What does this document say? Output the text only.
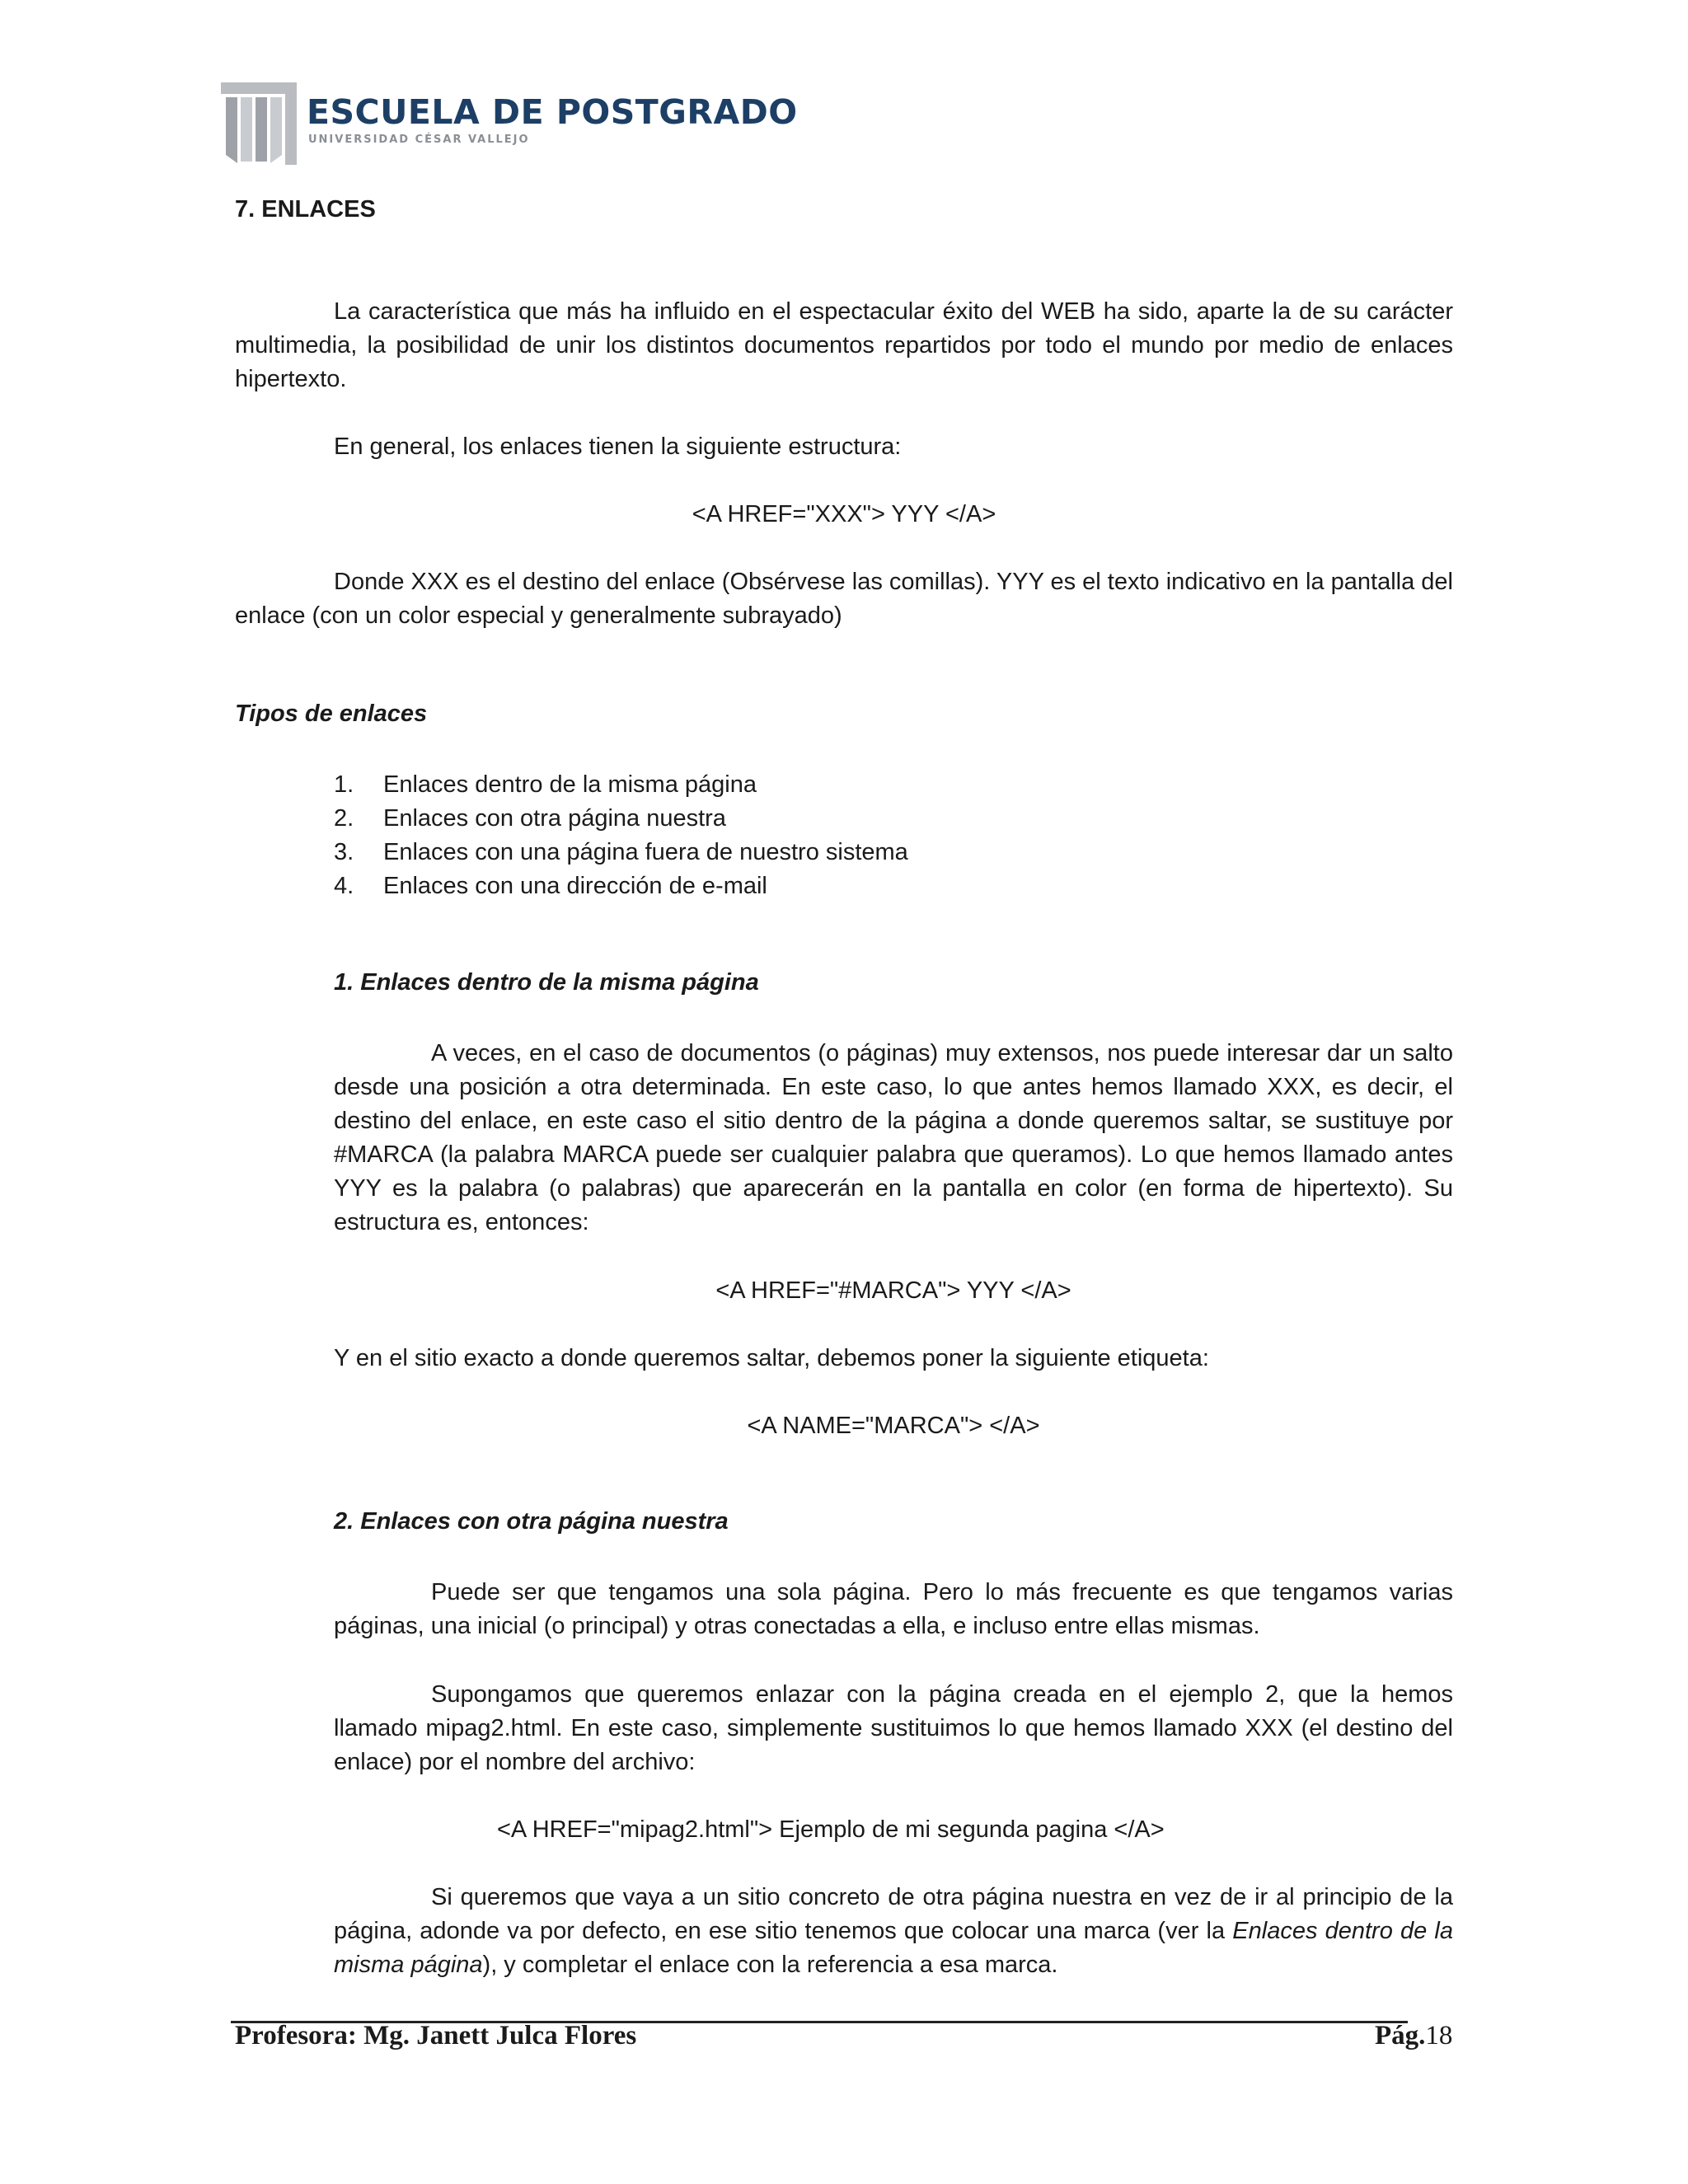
ESCUELA DE POSTGRADO

UNIVERSIDAD CÉSAR VALLEJO

7. ENLACES

La característica que más ha influido en el espectacular éxito del WEB ha sido, aparte la de su carácter multimedia, la posibilidad de unir los distintos documentos repartidos por todo el mundo por medio de enlaces hipertexto.

En general, los enlaces tienen la siguiente estructura:

<A HREF="XXX"> YYY </A>

Donde XXX es el destino del enlace (Obsérvese las comillas). YYY es el texto indicativo en la pantalla del enlace (con un color especial y generalmente subrayado)

Tipos de enlaces

1. Enlaces dentro de la misma página
2. Enlaces con otra página nuestra
3. Enlaces con una página fuera de nuestro sistema
4. Enlaces con una dirección de e-mail

1. Enlaces dentro de la misma página

A veces, en el caso de documentos (o páginas) muy extensos, nos puede interesar dar un salto desde una posición a otra determinada. En este caso, lo que antes hemos llamado XXX, es decir, el destino del enlace, en este caso el sitio dentro de la página a donde queremos saltar, se sustituye por #MARCA (la palabra MARCA puede ser cualquier palabra que queramos). Lo que hemos llamado antes YYY es la palabra (o palabras) que aparecerán en la pantalla en color (en forma de hipertexto). Su estructura es, entonces:

<A HREF="#MARCA"> YYY </A>

Y en el sitio exacto a donde queremos saltar, debemos poner la siguiente etiqueta:

<A NAME="MARCA"> </A>

2. Enlaces con otra página nuestra

Puede ser que tengamos una sola página. Pero lo más frecuente es que tengamos varias páginas, una inicial (o principal) y otras conectadas a ella, e incluso entre ellas mismas.

Supongamos que queremos enlazar con la página creada en el ejemplo 2, que la hemos llamado mipag2.html. En este caso, simplemente sustituimos lo que hemos llamado XXX (el destino del enlace) por el nombre del archivo:

<A HREF="mipag2.html"> Ejemplo de mi segunda pagina </A>

Si queremos que vaya a un sitio concreto de otra página nuestra en vez de ir al principio de la página, adonde va por defecto, en ese sitio tenemos que colocar una marca (ver la Enlaces dentro de la misma página), y completar el enlace con la referencia a esa marca.

Profesora: Mg. Janett Julca Flores	Pág.18
